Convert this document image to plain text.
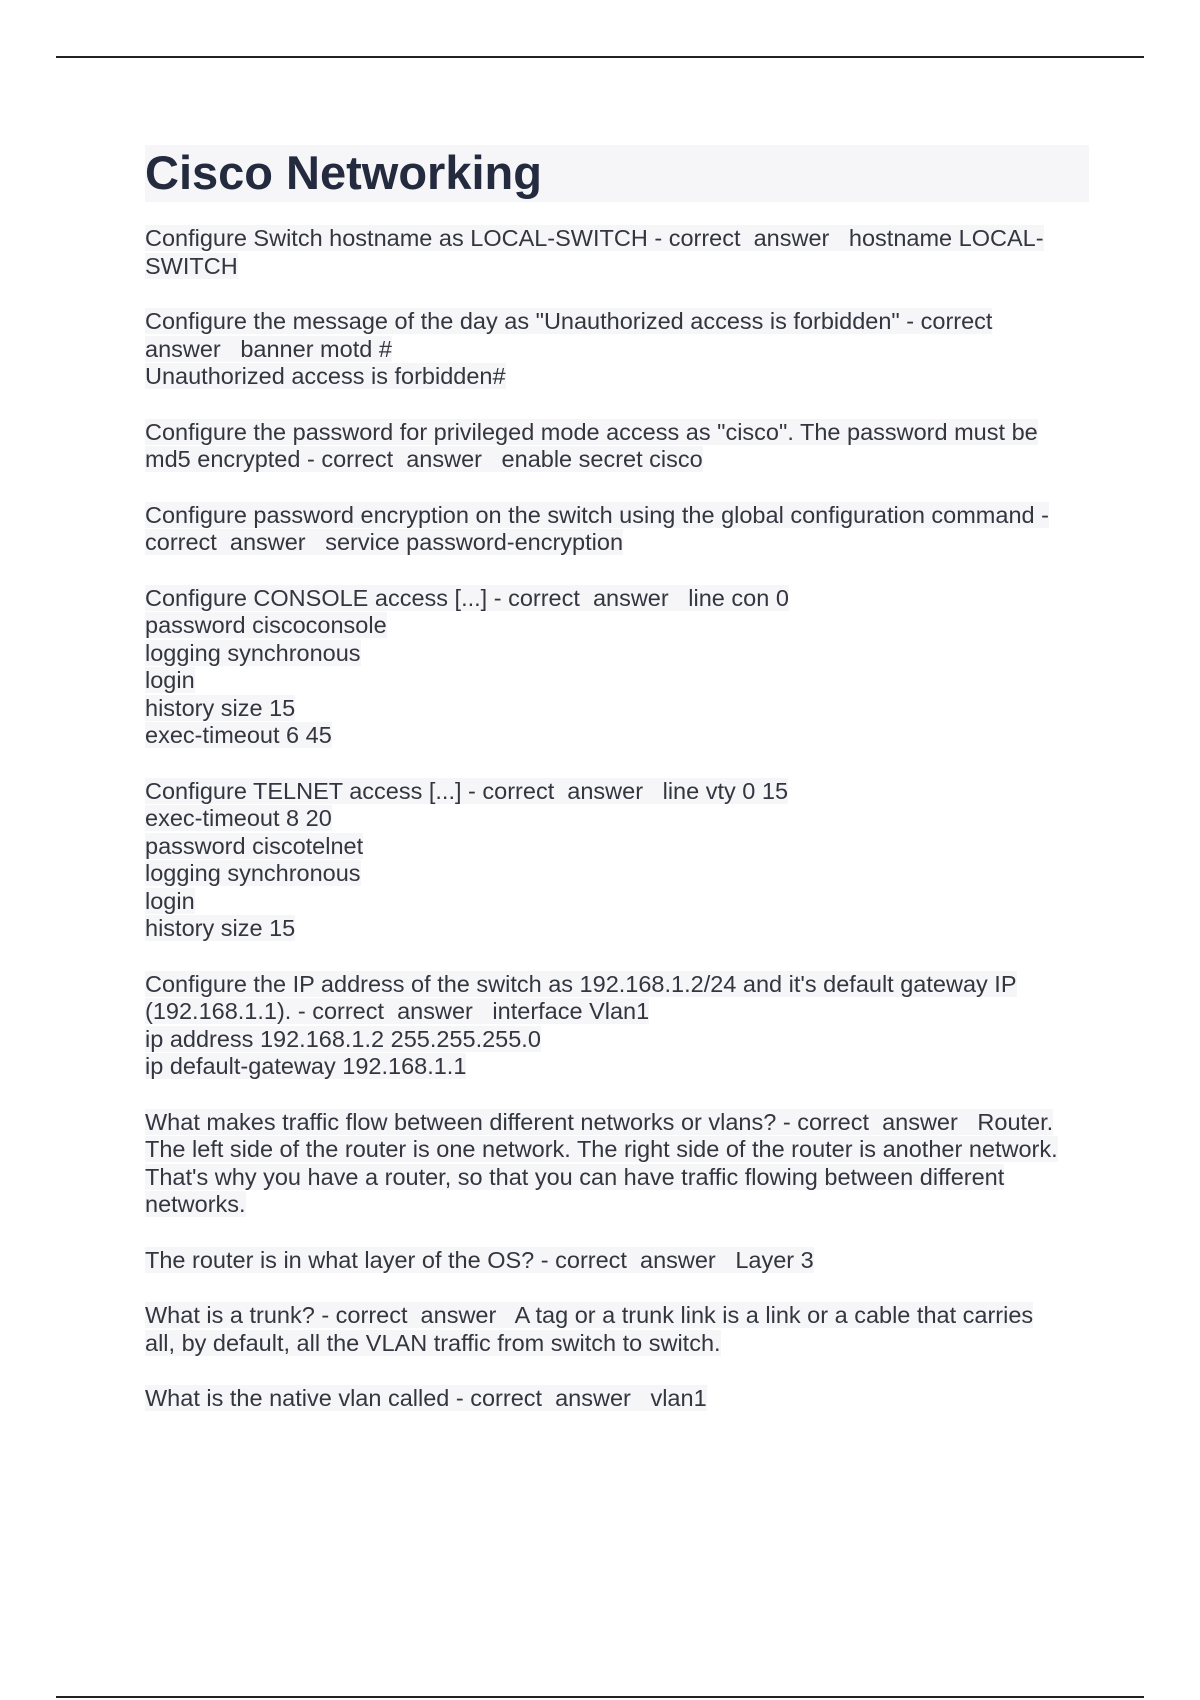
Cisco Networking
Configure Switch hostname as LOCAL-SWITCH - correct  answer   hostname LOCAL-
SWITCH
Configure the message of the day as "Unauthorized access is forbidden" - correct
answer   banner motd #
Unauthorized access is forbidden#
Configure the password for privileged mode access as "cisco". The password must be
md5 encrypted - correct  answer   enable secret cisco
Configure password encryption on the switch using the global configuration command -
correct  answer   service password-encryption
Configure CONSOLE access [...] - correct  answer   line con 0
password ciscoconsole
logging synchronous
login
history size 15
exec-timeout 6 45
Configure TELNET access [...] - correct  answer   line vty 0 15
exec-timeout 8 20
password ciscotelnet
logging synchronous
login
history size 15
Configure the IP address of the switch as 192.168.1.2/24 and it's default gateway IP
(192.168.1.1). - correct  answer   interface Vlan1
ip address 192.168.1.2 255.255.255.0
ip default-gateway 192.168.1.1
What makes traffic flow between different networks or vlans? - correct  answer   Router.
The left side of the router is one network. The right side of the router is another network.
That's why you have a router, so that you can have traffic flowing between different
networks.
The router is in what layer of the OS? - correct  answer   Layer 3
What is a trunk? - correct  answer   A tag or a trunk link is a link or a cable that carries
all, by default, all the VLAN traffic from switch to switch.
What is the native vlan called - correct  answer   vlan1
